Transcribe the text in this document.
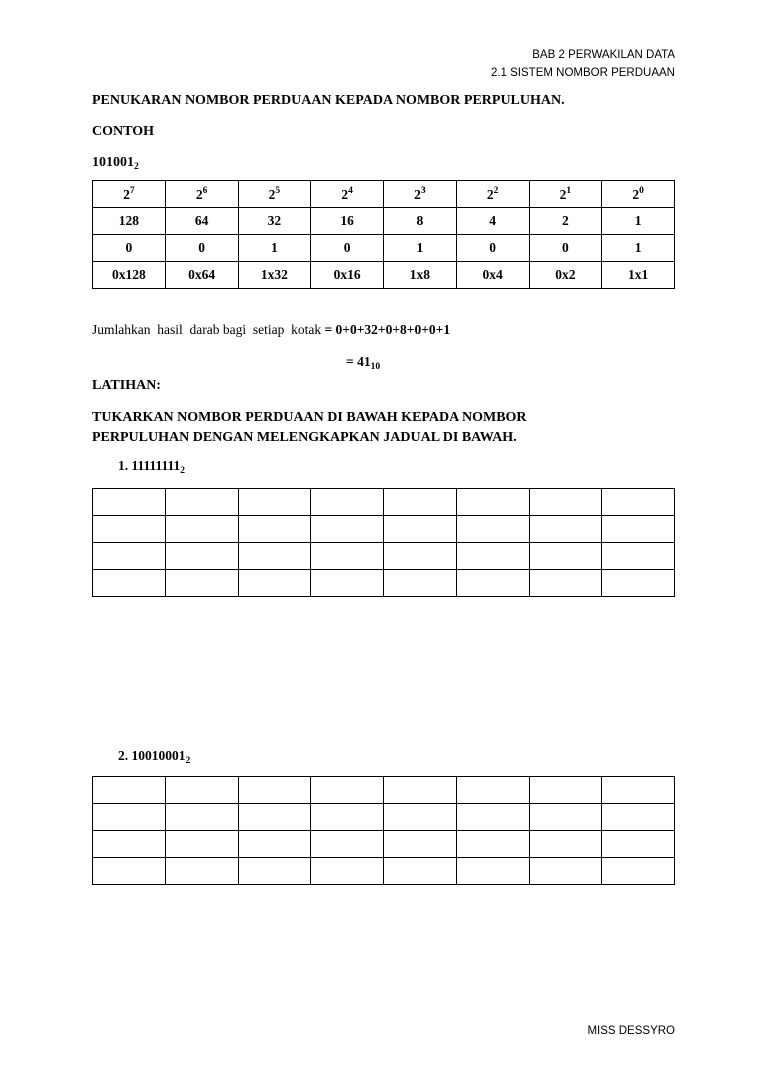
BAB 2 PERWAKILAN DATA
2.1 SISTEM NOMBOR PERDUAAN
PENUKARAN NOMBOR PERDUAAN KEPADA NOMBOR PERPULUHAN.
CONTOH
$101001_2$
$2^7$	$2^6$	$2^5$	$2^4$	$2^3$	$2^2$	$2^1$	$2^0$
128	64	32	16	8	4	2	1
0	0	1	0	1	0	0	1
0x128	0x64	1x32	0x16	1x8	0x4	0x2	1x1
Jumlahkan  hasil  darab bagi  setiap  kotak = 0+0+32+0+8+0+0+1
= $41_{10}$
LATIHAN:
TUKARKAN NOMBOR PERDUAAN DI BAWAH KEPADA NOMBOR
PERPULUHAN DENGAN MELENGKAPKAN JADUAL DI BAWAH.
1. $11111111_2$

2. $10010001_2$

MISS DESSYRO
